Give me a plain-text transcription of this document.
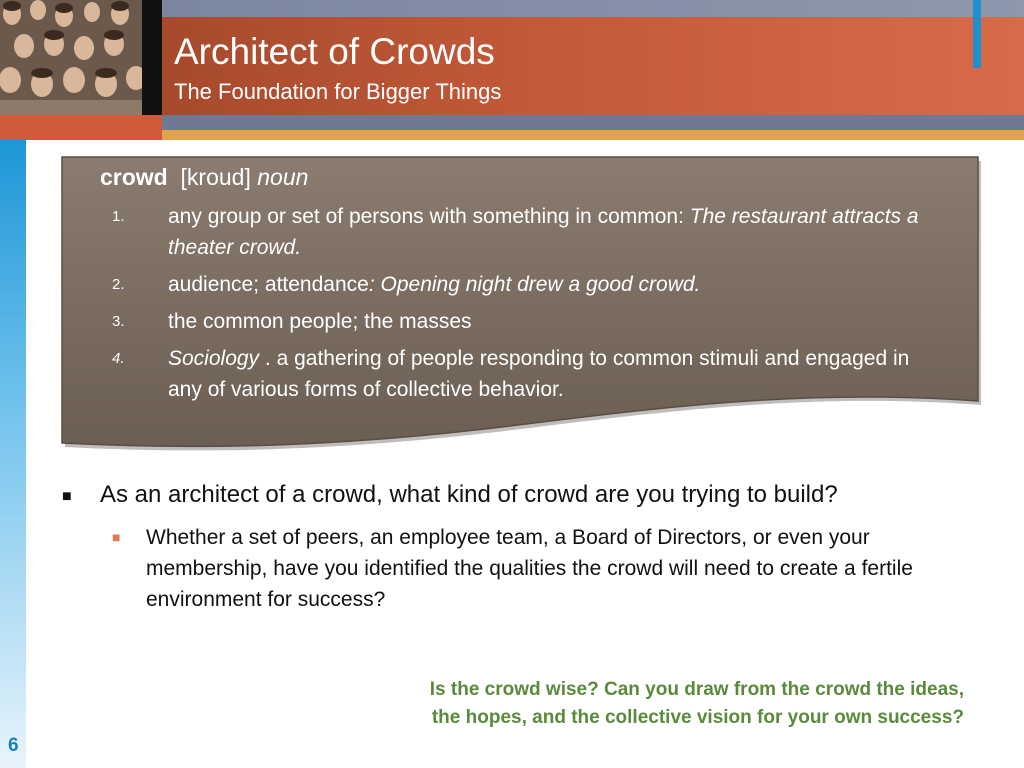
Architect of Crowds
The Foundation for Bigger Things
crowd [kroud] noun
1.	any group or set of persons with something in common: The restaurant attracts a theater crowd.
2.	audience; attendance: Opening night drew a good crowd.
3.	the common people; the masses
4.	Sociology . a gathering of people responding to common stimuli and engaged in any of various forms of collective behavior.
■	As an architect of a crowd, what kind of crowd are you trying to build?
■	Whether a set of peers, an employee team, a Board of Directors, or even your membership, have you identified the qualities the crowd will need to create a fertile environment for success?
Is the crowd wise? Can you draw from the crowd the ideas,
the hopes, and the collective vision for your own success?
6
